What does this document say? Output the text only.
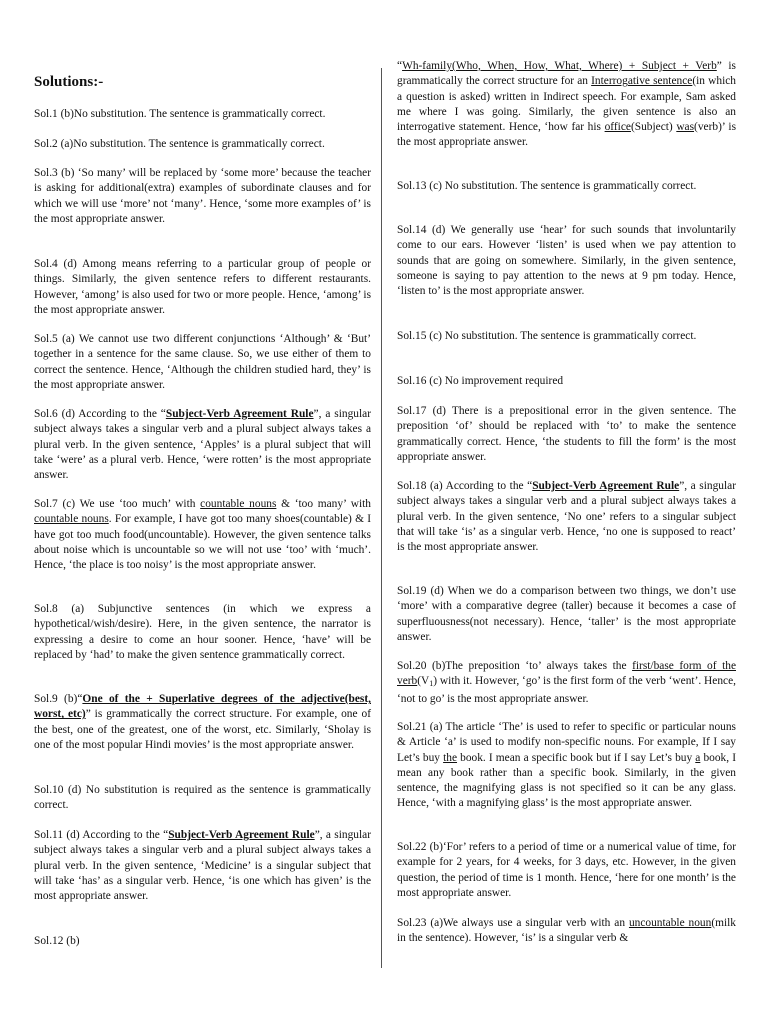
Solutions:-

Sol.1 (b)No substitution. The sentence is grammatically correct.

Sol.2 (a)No substitution. The sentence is grammatically correct.

Sol.3 (b) ‘So many’ will be replaced by ‘some more’ because the teacher is asking for additional(extra) examples of subordinate clauses and for which we will use ‘more’ not ‘many’. Hence, ‘some more examples of’ is the most appropriate answer.

Sol.4 (d) Among means referring to a particular group of people or things. Similarly, the given sentence refers to different restaurants. However, ‘among’ is also used for two or more people. Hence, ‘among’ is the most appropriate answer.

Sol.5 (a) We cannot use two different conjunctions ‘Although’ & ‘But’ together in a sentence for the same clause. So, we use either of them to correct the sentence. Hence, ‘Although the children studied hard, they’ is the most appropriate answer.

Sol.6 (d) According to the “Subject-Verb Agreement Rule”, a singular subject always takes a singular verb and a plural subject always takes a plural verb. In the given sentence, ‘Apples’ is a plural subject that will take ‘were’ as a plural verb. Hence, ‘were rotten’ is the most appropriate answer.

Sol.7 (c) We use ‘too much’ with countable nouns & ‘too many’ with countable nouns. For example, I have got too many shoes(countable) & I have got too much food(uncountable). However, the given sentence talks about noise which is uncountable so we will not use ‘too’ with ‘much’. Hence, ‘the place is too noisy’ is the most appropriate answer.

Sol.8 (a) Subjunctive sentences (in which we express a hypothetical/wish/desire). Here, in the given sentence, the narrator is expressing a desire to come an hour sooner. Hence, ‘have’ will be replaced by ‘had’ to make the given sentence grammatically correct.

Sol.9 (b)“One of the + Superlative degrees of the adjective(best, worst, etc)” is grammatically the correct structure. For example, one of the best, one of the greatest, one of the worst, etc. Similarly, ‘Sholay is one of the most popular Hindi movies’ is the most appropriate answer.

Sol.10 (d) No substitution is required as the sentence is grammatically correct.

Sol.11 (d) According to the “Subject-Verb Agreement Rule”, a singular subject always takes a singular verb and a plural subject always takes a plural verb. In the given sentence, ‘Medicine’ is a singular subject that will take ‘has’ as a singular verb. Hence, ‘is one which has given’ is the most appropriate answer.

Sol.12 (b)

“Wh-family(Who, When, How, What, Where) + Subject + Verb” is grammatically the correct structure for an Interrogative sentence(in which a question is asked) written in Indirect speech. For example, Sam asked me where I was going. Similarly, the given sentence is also an interrogative statement. Hence, ‘how far his office(Subject) was(verb)’ is the most appropriate answer.

Sol.13 (c) No substitution. The sentence is grammatically correct.

Sol.14 (d) We generally use ‘hear’ for such sounds that involuntarily come to our ears. However ‘listen’ is used when we pay attention to sounds that are going on somewhere. Similarly, in the given sentence, someone is saying to pay attention to the news at 9 pm today. Hence, ‘listen to’ is the most appropriate answer.

Sol.15 (c) No substitution. The sentence is grammatically correct.

Sol.16 (c) No improvement required

Sol.17 (d) There is a prepositional error in the given sentence. The preposition ‘of’ should be replaced with ‘to’ to make the sentence grammatically correct. Hence, ‘the students to fill the form’ is the most appropriate answer.

Sol.18 (a) According to the “Subject-Verb Agreement Rule”, a singular subject always takes a singular verb and a plural subject always takes a plural verb. In the given sentence, ‘No one’ refers to a singular subject that will take ‘is’ as a singular verb. Hence, ‘no one is supposed to react’ is the most appropriate answer.

Sol.19 (d) When we do a comparison between two things, we don’t use ‘more’ with a comparative degree (taller) because it becomes a case of superfluousness(not necessary). Hence, ‘taller’ is the most appropriate answer.

Sol.20 (b)The preposition ‘to’ always takes the first/base form of the $verb(V_1)$ with it. However, ‘go’ is the first form of the verb ‘went’. Hence, ‘not to go’ is the most appropriate answer.

Sol.21 (a) The article ‘The’ is used to refer to specific or particular nouns & Article ‘a’ is used to modify non-specific nouns. For example, If I say Let’s buy the book. I mean a specific book but if I say Let’s buy a book, I mean any book rather than a specific book. Similarly, in the given sentence, the magnifying glass is not specified so it can be any glass. Hence, ‘with a magnifying glass’ is the most appropriate answer.

Sol.22 (b)‘For’ refers to a period of time or a numerical value of time, for example for 2 years, for 4 weeks, for 3 days, etc. However, in the given question, the period of time is 1 month. Hence, ‘here for one month’ is the most appropriate answer.

Sol.23 (a)We always use a singular verb with an uncountable noun(milk in the sentence). However, ‘is’ is a singular verb &
